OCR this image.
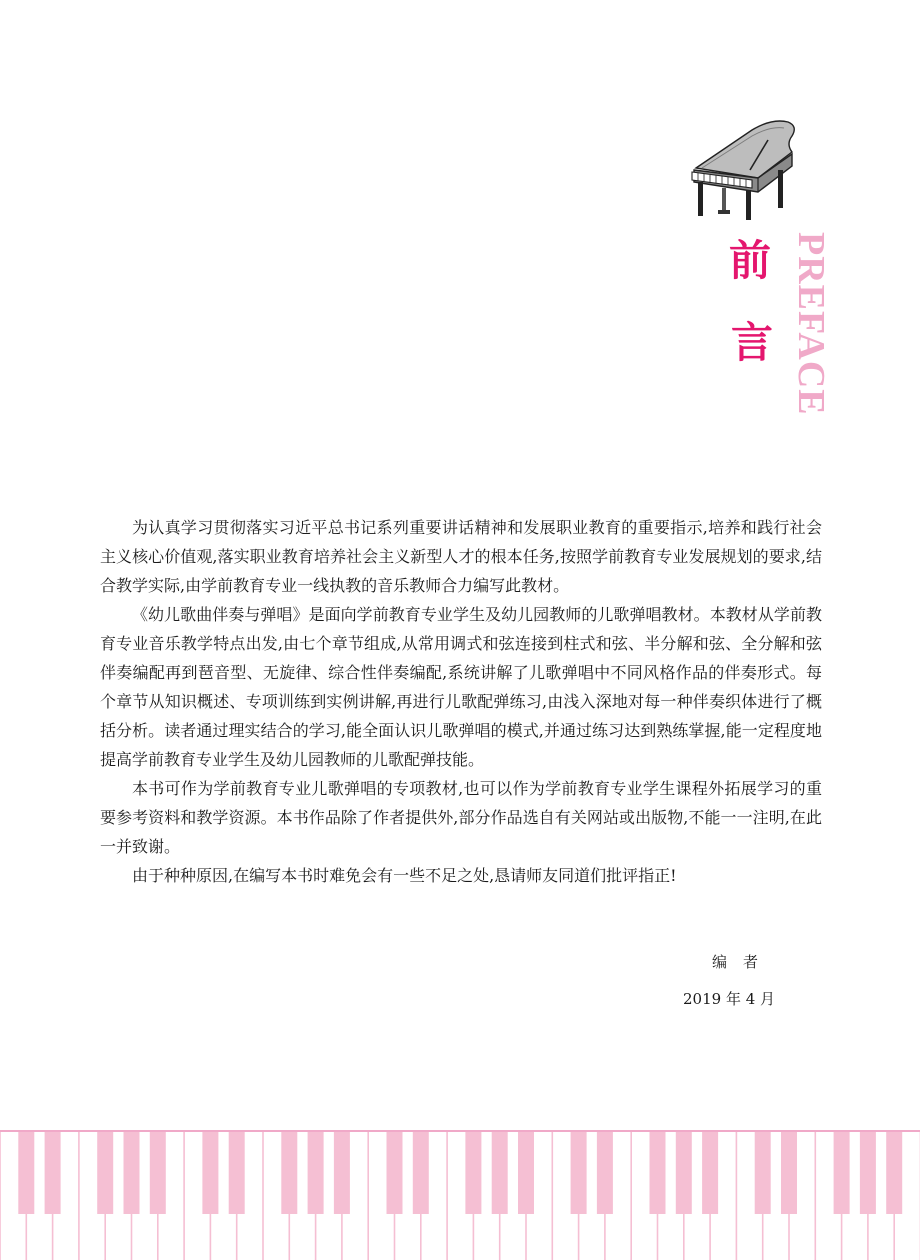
前
言 PREFACE

为认真学习贯彻落实习近平总书记系列重要讲话精神和发展职业教育的重要指示,培养和践行社会主义核心价值观,落实职业教育培养社会主义新型人才的根本任务,按照学前教育专业发展规划的要求,结合教学实际,由学前教育专业一线执教的音乐教师合力编写此教材。

《幼儿歌曲伴奏与弹唱》是面向学前教育专业学生及幼儿园教师的儿歌弹唱教材。本教材从学前教育专业音乐教学特点出发,由七个章节组成,从常用调式和弦连接到柱式和弦、半分解和弦、全分解和弦伴奏编配再到琶音型、无旋律、综合性伴奏编配,系统讲解了儿歌弹唱中不同风格作品的伴奏形式。每个章节从知识概述、专项训练到实例讲解,再进行儿歌配弹练习,由浅入深地对每一种伴奏织体进行了概括分析。读者通过理实结合的学习,能全面认识儿歌弹唱的模式,并通过练习达到熟练掌握,能一定程度地提高学前教育专业学生及幼儿园教师的儿歌配弹技能。

本书可作为学前教育专业儿歌弹唱的专项教材,也可以作为学前教育专业学生课程外拓展学习的重要参考资料和教学资源。本书作品除了作者提供外,部分作品选自有关网站或出版物,不能一一注明,在此一并致谢。

由于种种原因,在编写本书时难免会有一些不足之处,恳请师友同道们批评指正!

编者
2019 年 4 月
